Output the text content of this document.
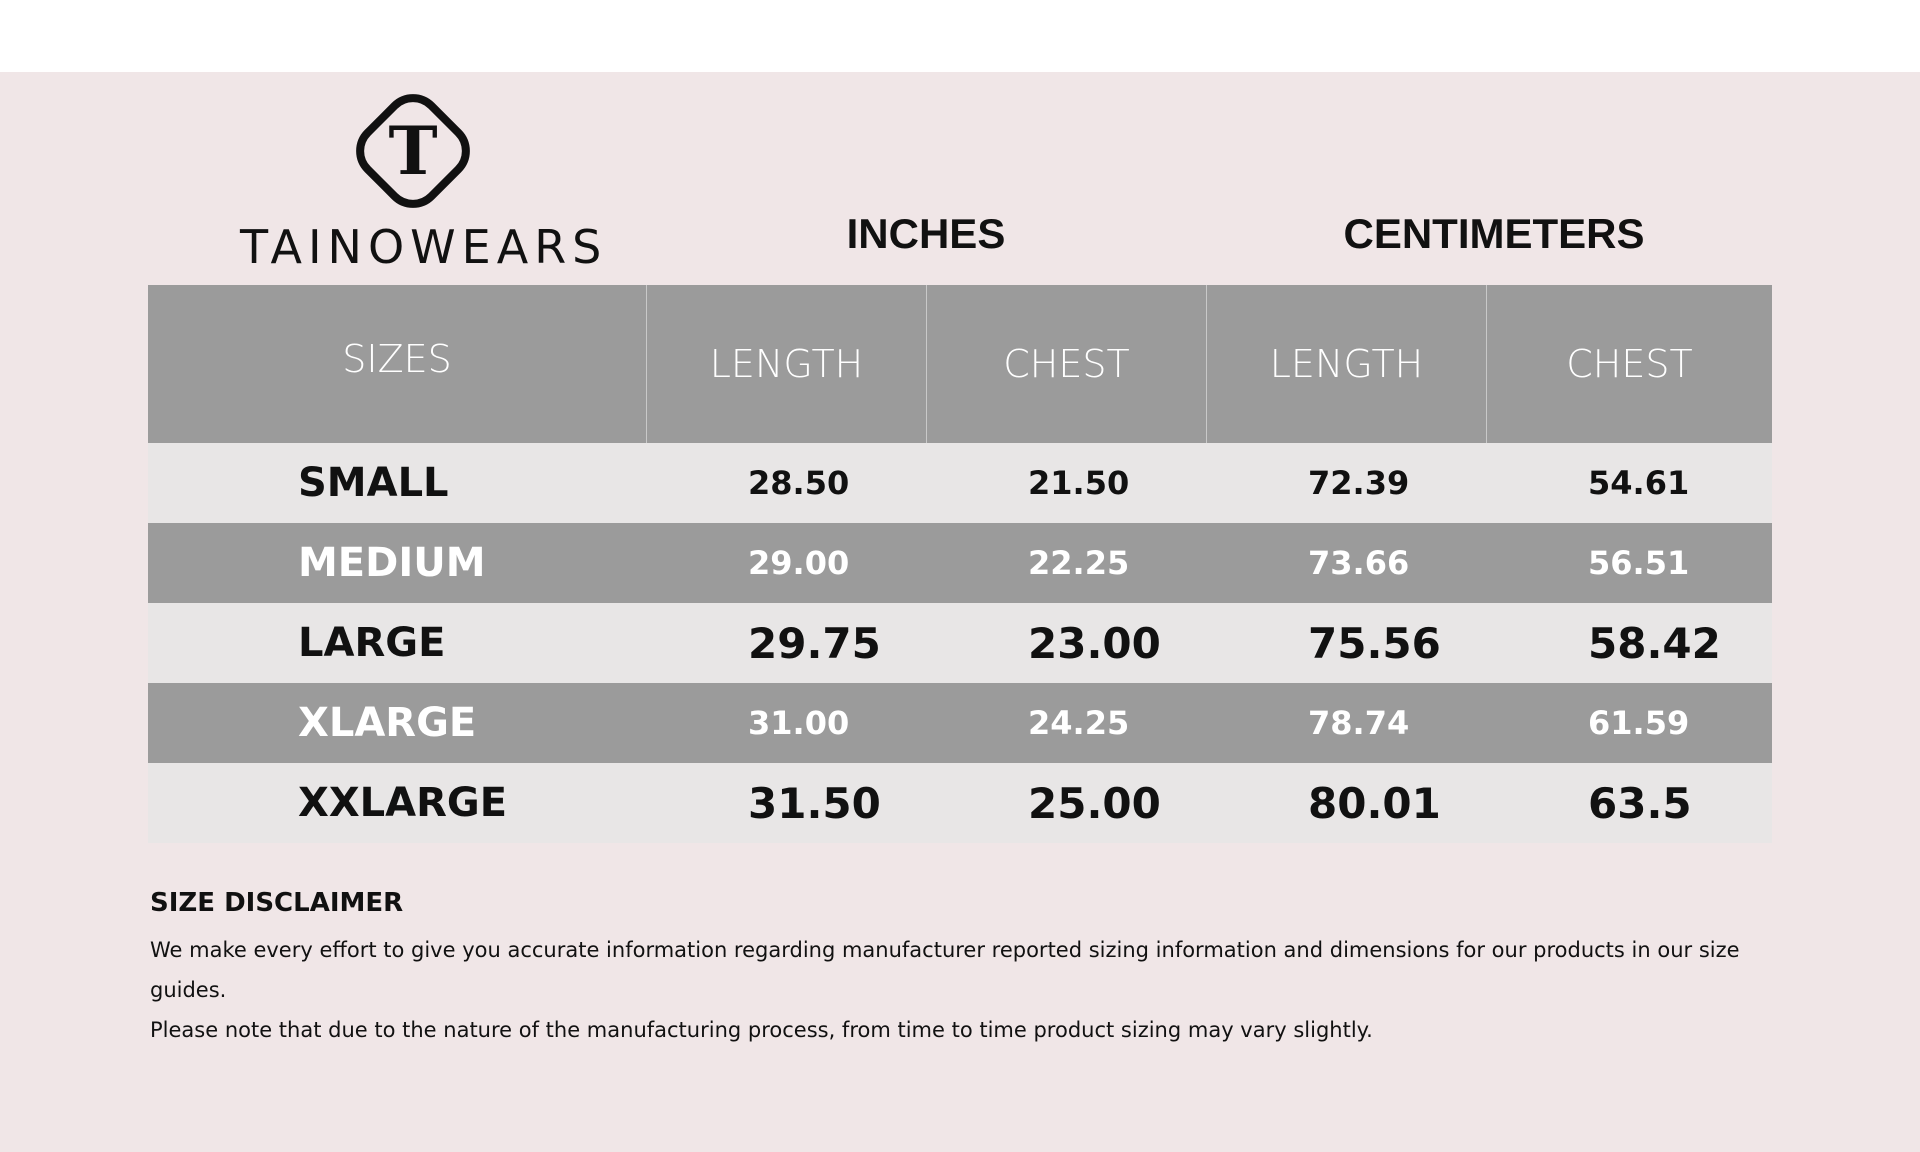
T
TAINOWEARS	INCHES	CENTIMETERS
SIZES	LENGTH	CHEST	LENGTH	CHEST
SMALL	28.50	21.50	72.39	54.61
MEDIUM	29.00	22.25	73.66	56.51
LARGE	29.75	23.00	75.56	58.42
XLARGE	31.00	24.25	78.74	61.59
XXLARGE	31.50	25.00	80.01	63.5
SIZE DISCLAIMER
We make every effort to give you accurate information regarding manufacturer reported sizing information and dimensions for our products in our size guides.
Please note that due to the nature of the manufacturing process, from time to time product sizing may vary slightly.
